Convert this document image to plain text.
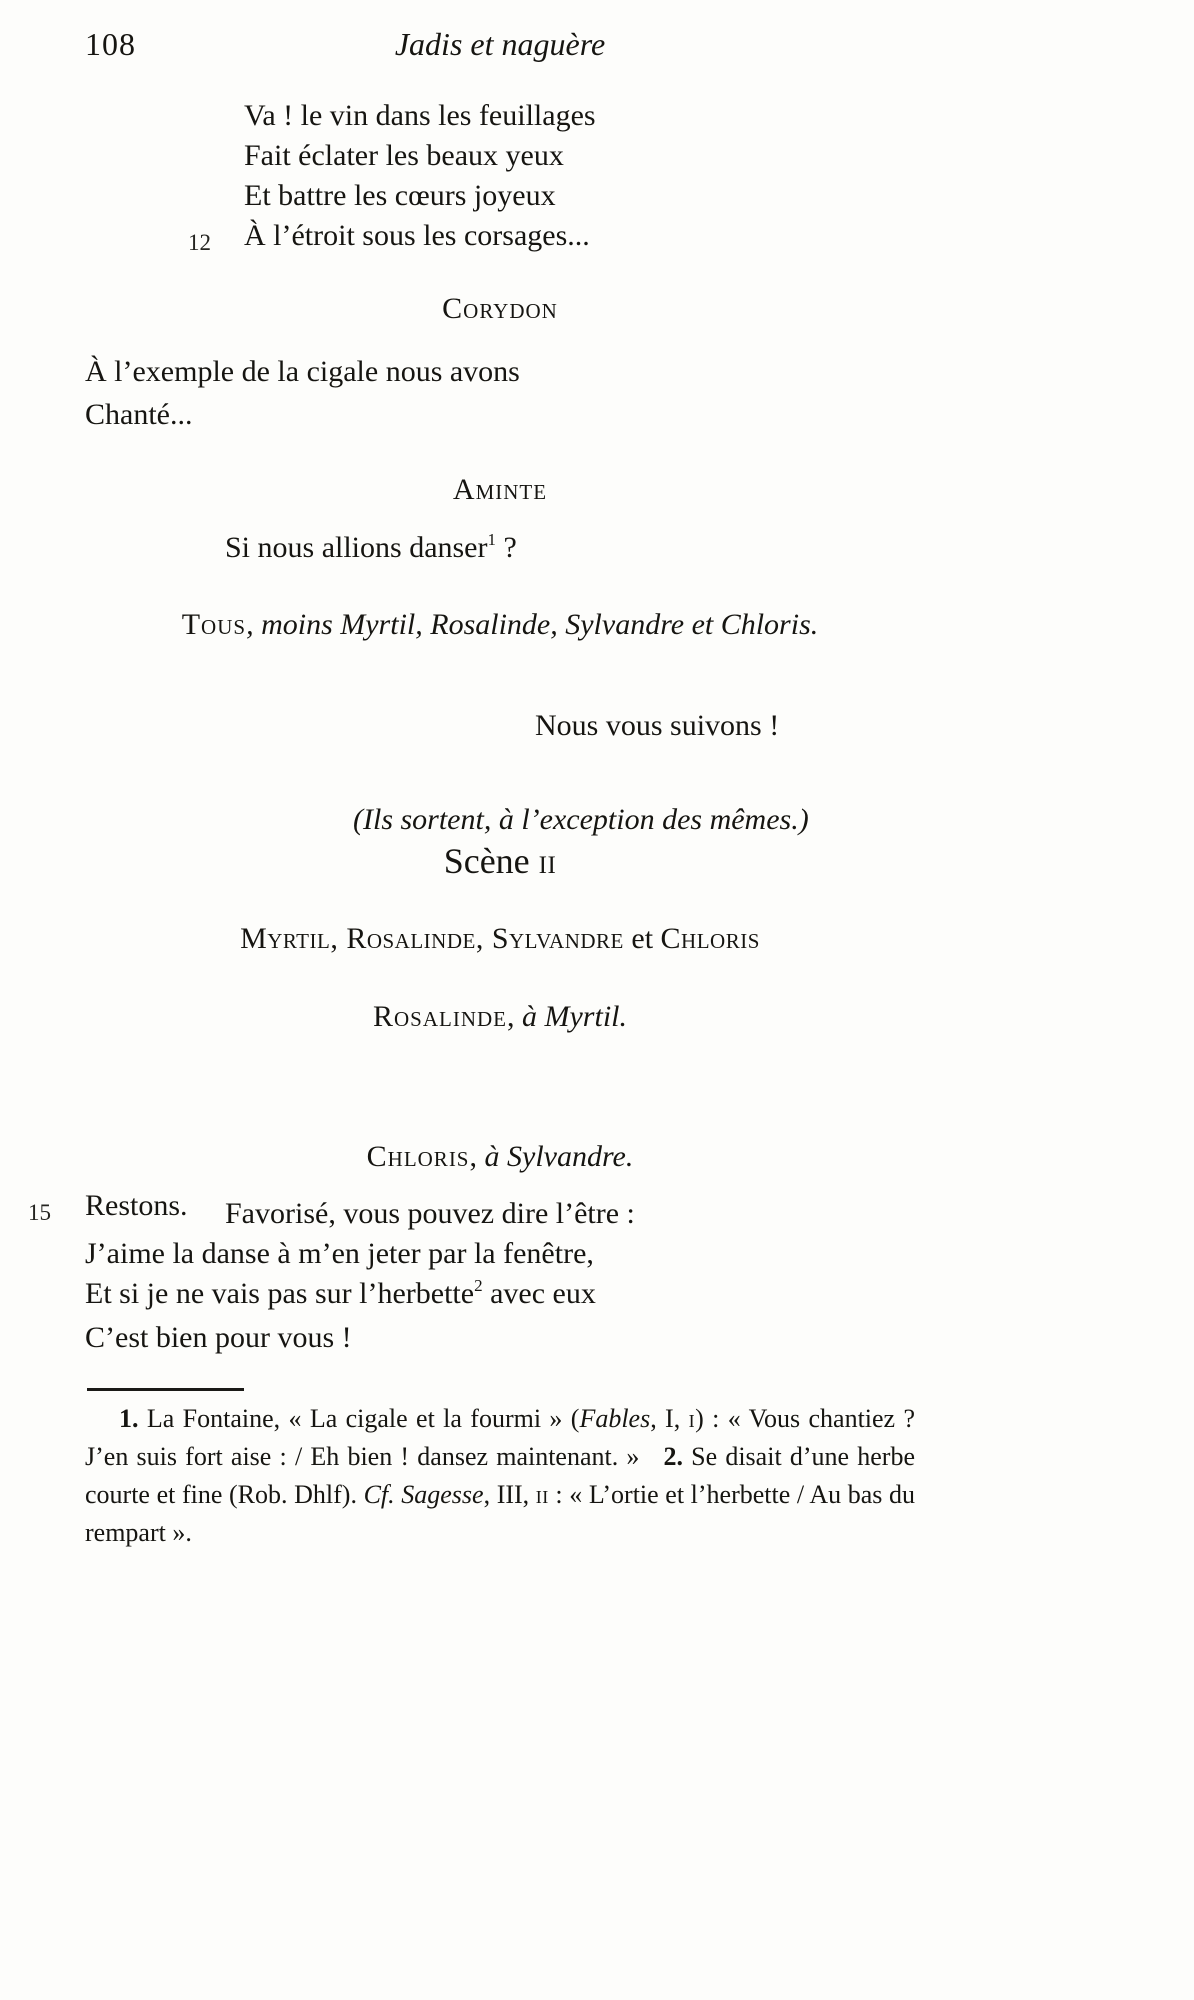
108	Jadis et naguère
Va ! le vin dans les feuillages
Fait éclater les beaux yeux
Et battre les cœurs joyeux
12 À l’étroit sous les corsages...
Corydon
À l’exemple de la cigale nous avons
Chanté...
Aminte
Si nous allions danser$^1$ ?
Tous, moins Myrtil, Rosalinde, Sylvandre et Chloris.
Nous vous suivons !
(Ils sortent, à l’exception des mêmes.)
Scène ii
Myrtil, Rosalinde, Sylvandre et Chloris
Rosalinde, à Myrtil.
15 Restons.
Chloris, à Sylvandre.
Favorisé, vous pouvez dire l’être :
J’aime la danse à m’en jeter par la fenêtre,
Et si je ne vais pas sur l’herbette$^2$ avec eux
C’est bien pour vous !

1. La Fontaine, « La cigale et la fourmi » (Fables, I, i) : « Vous chantiez ? J’en suis fort aise : / Eh bien ! dansez maintenant. » 2. Se disait d’une herbe courte et fine (Rob. Dhlf). Cf. Sagesse, III, ii : « L’ortie et l’herbette / Au bas du rempart ».
